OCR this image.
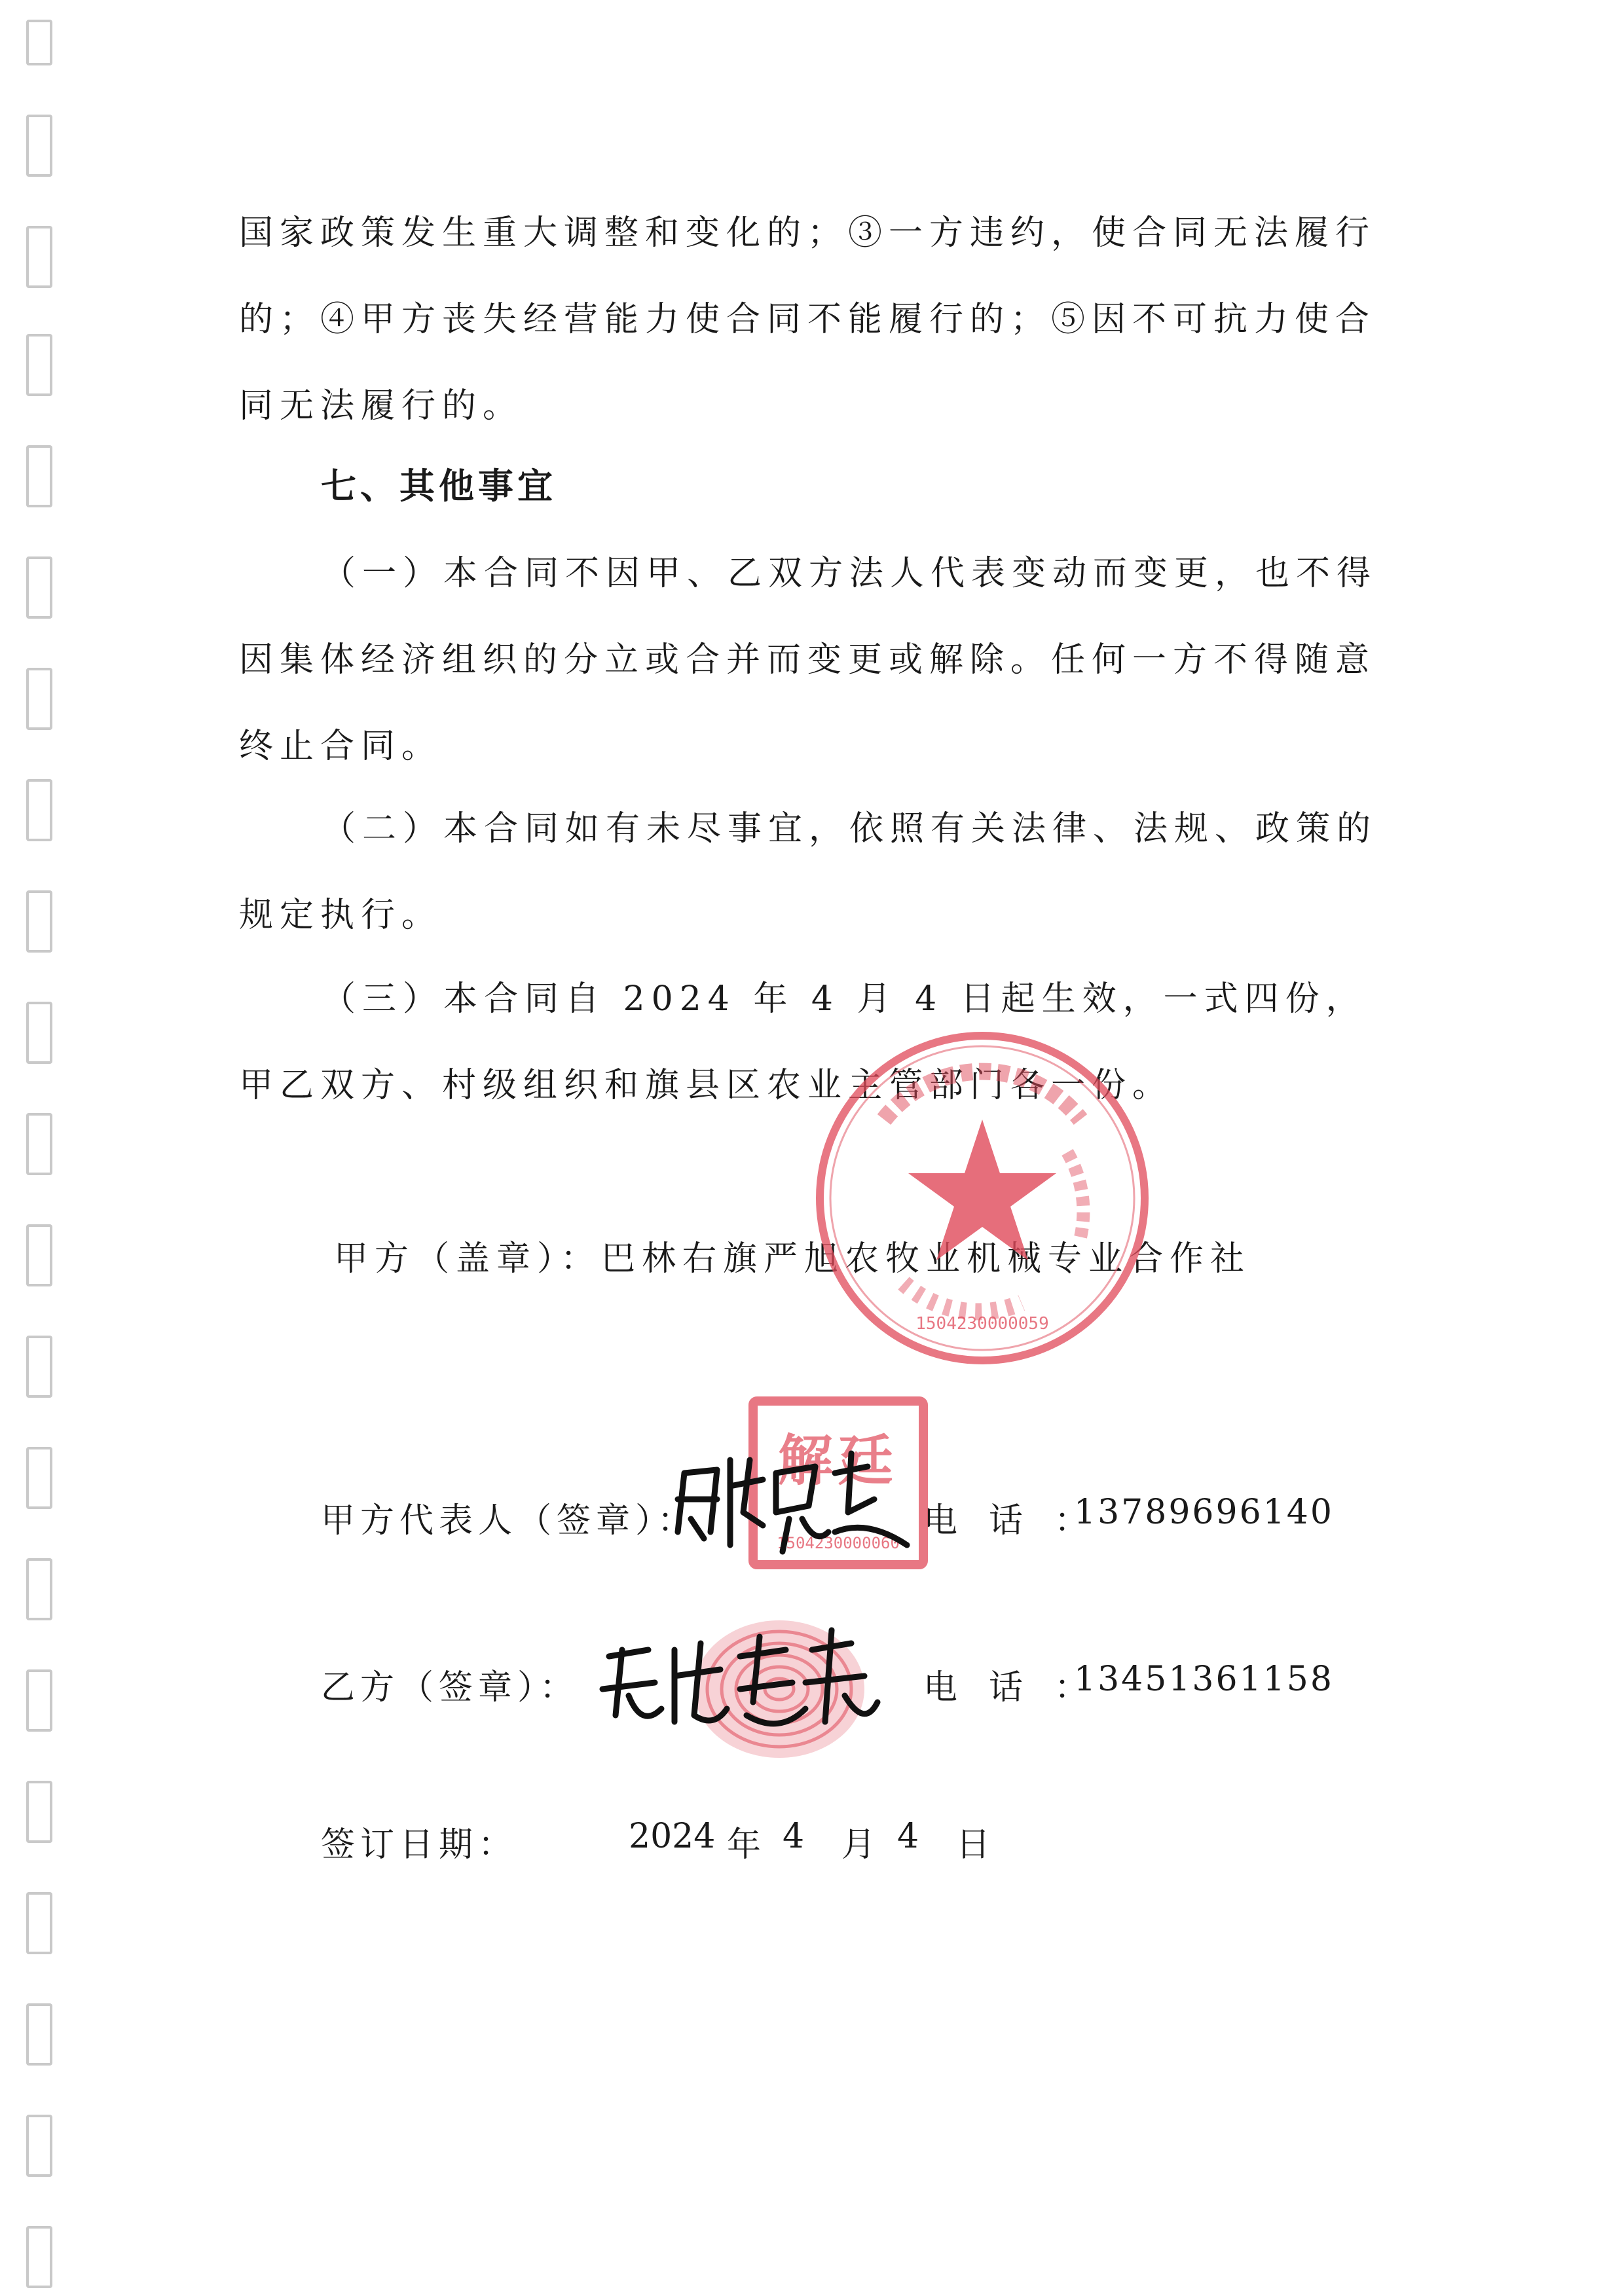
国家政策发生重大调整和变化的；③一方违约，使合同无法履行的；④甲方丧失经营能力使合同不能履行的；⑤因不可抗力使合同无法履行的。

七、其他事宜

（一）本合同不因甲、乙双方法人代表变动而变更，也不得因集体经济组织的分立或合并而变更或解除。任何一方不得随意终止合同。

（二）本合同如有未尽事宜，依照有关法律、法规、政策的规定执行。

（三）本合同自 2024 年 4 月 4 日起生效，一式四份，甲乙双方、村级组织和旗县区农业主管部门各一份。

甲方（盖章）：巴林右旗严旭农牧业机械专业合作社
甲方代表人（签章）：	电话：
13789696140
乙方（签章）：	电话：
13451361158
签订日期：	2024 年 4 月 4 日
1504230000059
解廷
1504230000060
